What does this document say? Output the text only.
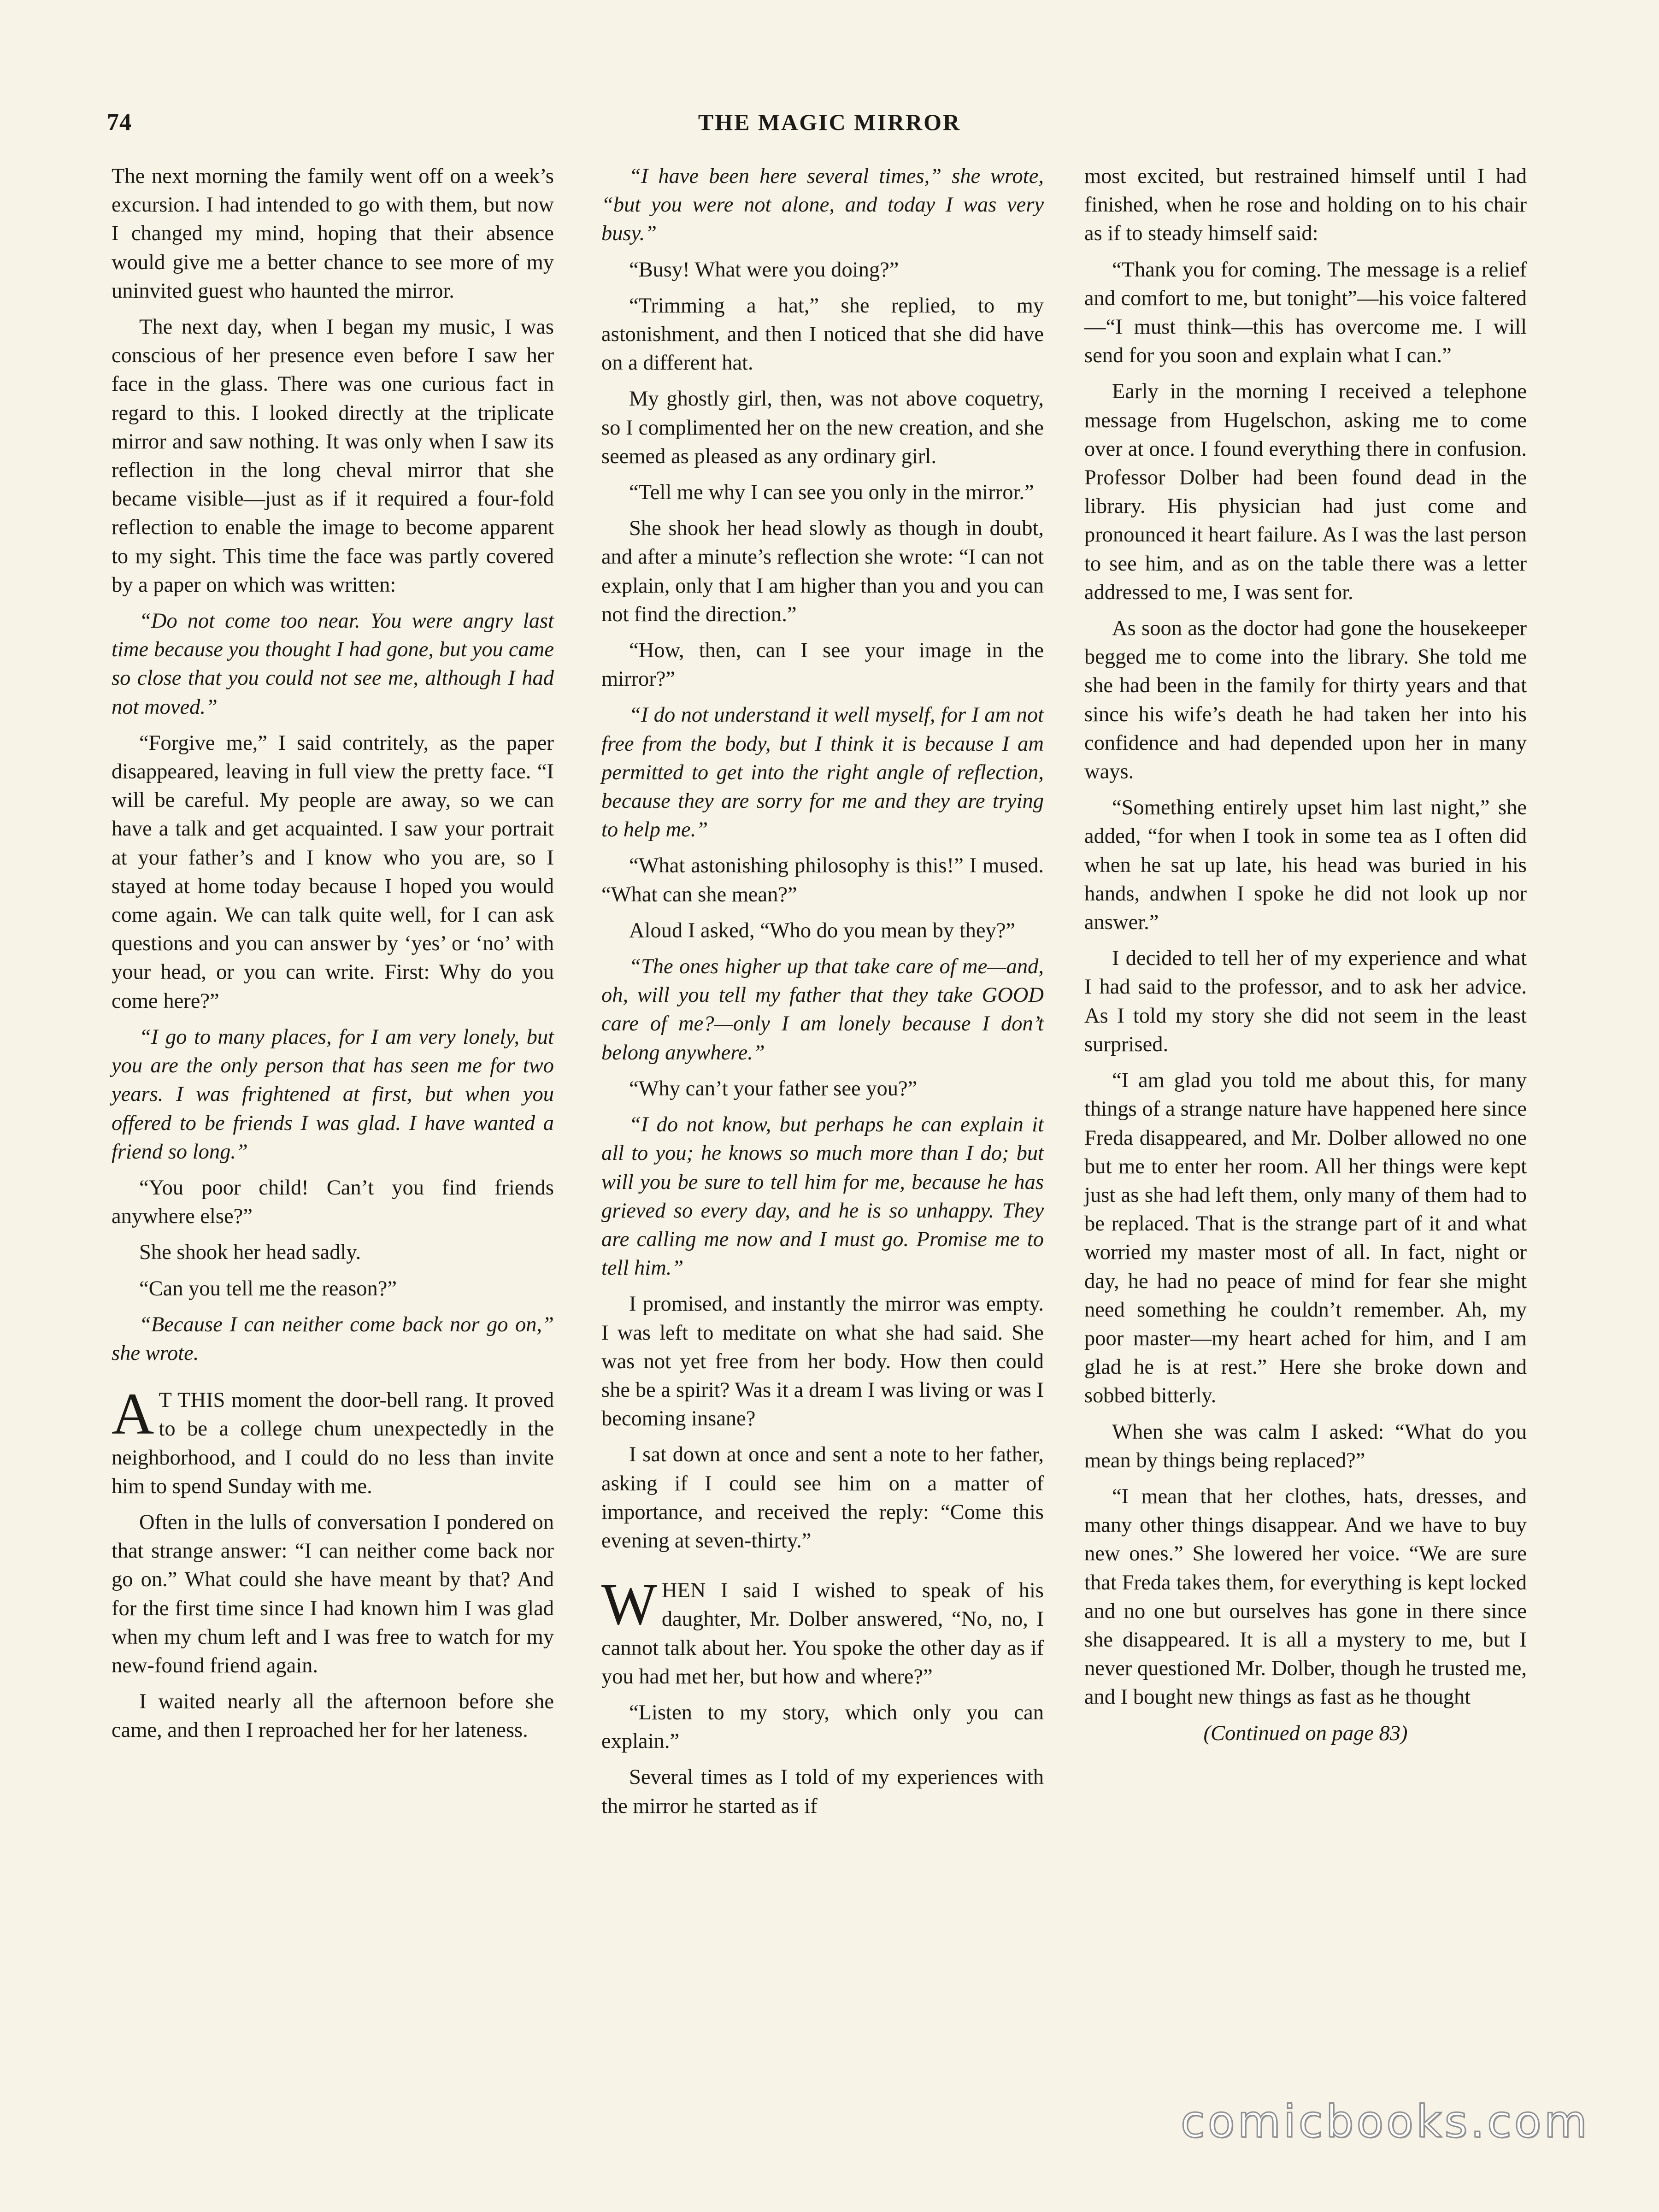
74	THE MAGIC MIRROR

The next morning the family went off on a week’s excursion. I had intended to go with them, but now I changed my mind, hoping that their absence would give me a better chance to see more of my uninvited guest who haunted the mirror.

The next day, when I began my music, I was conscious of her presence even before I saw her face in the glass. There was one curious fact in regard to this. I looked directly at the triplicate mirror and saw nothing. It was only when I saw its reflection in the long cheval mirror that she became visible—just as if it required a four-fold reflection to enable the image to become apparent to my sight. This time the face was partly covered by a paper on which was written:

“Do not come too near. You were angry last time because you thought I had gone, but you came so close that you could not see me, although I had not moved.”

“Forgive me,” I said contritely, as the paper disappeared, leaving in full view the pretty face. “I will be careful. My people are away, so we can have a talk and get acquainted. I saw your portrait at your father’s and I know who you are, so I stayed at home today because I hoped you would come again. We can talk quite well, for I can ask questions and you can answer by ‘yes’ or ‘no’ with your head, or you can write. First: Why do you come here?”

“I go to many places, for I am very lonely, but you are the only person that has seen me for two years. I was frightened at first, but when you offered to be friends I was glad. I have wanted a friend so long.”

“You poor child! Can’t you find friends anywhere else?”

She shook her head sadly.

“Can you tell me the reason?”

“Because I can neither come back nor go on,” she wrote.

A T THIS moment the door-bell rang. It proved to be a college chum unexpectedly in the neighborhood, and I could do no less than invite him to spend Sunday with me.

Often in the lulls of conversation I pondered on that strange answer: “I can neither come back nor go on.” What could she have meant by that? And for the first time since I had known him I was glad when my chum left and I was free to watch for my new-found friend again.

I waited nearly all the afternoon before she came, and then I reproached her for her lateness.

“I have been here several times,” she wrote, “but you were not alone, and today I was very busy.”

“Busy! What were you doing?”

“Trimming a hat,” she replied, to my astonishment, and then I noticed that she did have on a different hat.

My ghostly girl, then, was not above coquetry, so I complimented her on the new creation, and she seemed as pleased as any ordinary girl.

“Tell me why I can see you only in the mirror.”

She shook her head slowly as though in doubt, and after a minute’s reflection she wrote: “I can not explain, only that I am higher than you and you can not find the direction.”

“How, then, can I see your image in the mirror?”

“I do not understand it well myself, for I am not free from the body, but I think it is because I am permitted to get into the right angle of reflection, because they are sorry for me and they are trying to help me.”

“What astonishing philosophy is this!” I mused. “What can she mean?”

Aloud I asked, “Who do you mean by they?”

“The ones higher up that take care of me—and, oh, will you tell my father that they take GOOD care of me?—only I am lonely because I don’t belong anywhere.”

“Why can’t your father see you?”

“I do not know, but perhaps he can explain it all to you; he knows so much more than I do; but will you be sure to tell him for me, because he has grieved so every day, and he is so unhappy. They are calling me now and I must go. Promise me to tell him.”

I promised, and instantly the mirror was empty. I was left to meditate on what she had said. She was not yet free from her body. How then could she be a spirit? Was it a dream I was living or was I becoming insane?

I sat down at once and sent a note to her father, asking if I could see him on a matter of importance, and received the reply: “Come this evening at seven-thirty.”

WHEN I said I wished to speak of his daughter, Mr. Dolber answered, “No, no, I cannot talk about her. You spoke the other day as if you had met her, but how and where?”

“Listen to my story, which only you can explain.”

Several times as I told of my experiences with the mirror he started as if

most excited, but restrained himself until I had finished, when he rose and holding on to his chair as if to steady himself said:

“Thank you for coming. The message is a relief and comfort to me, but tonight”—his voice faltered—“I must think—this has overcome me. I will send for you soon and explain what I can.”

Early in the morning I received a telephone message from Hugelschon, asking me to come over at once. I found everything there in confusion. Professor Dolber had been found dead in the library. His physician had just come and pronounced it heart failure. As I was the last person to see him, and as on the table there was a letter addressed to me, I was sent for.

As soon as the doctor had gone the housekeeper begged me to come into the library. She told me she had been in the family for thirty years and that since his wife’s death he had taken her into his confidence and had depended upon her in many ways.

“Something entirely upset him last night,” she added, “for when I took in some tea as I often did when he sat up late, his head was buried in his hands, andwhen I spoke he did not look up nor answer.”

I decided to tell her of my experience and what I had said to the professor, and to ask her advice. As I told my story she did not seem in the least surprised.

“I am glad you told me about this, for many things of a strange nature have happened here since Freda disappeared, and Mr. Dolber allowed no one but me to enter her room. All her things were kept just as she had left them, only many of them had to be replaced. That is the strange part of it and what worried my master most of all. In fact, night or day, he had no peace of mind for fear she might need something he couldn’t remember. Ah, my poor master—my heart ached for him, and I am glad he is at rest.” Here she broke down and sobbed bitterly.

When she was calm I asked: “What do you mean by things being replaced?”

“I mean that her clothes, hats, dresses, and many other things disappear. And we have to buy new ones.” She lowered her voice. “We are sure that Freda takes them, for everything is kept locked and no one but ourselves has gone in there since she disappeared. It is all a mystery to me, but I never questioned Mr. Dolber, though he trusted me, and I bought new things as fast as he thought

(Continued on page 83)

comicbooks.com
